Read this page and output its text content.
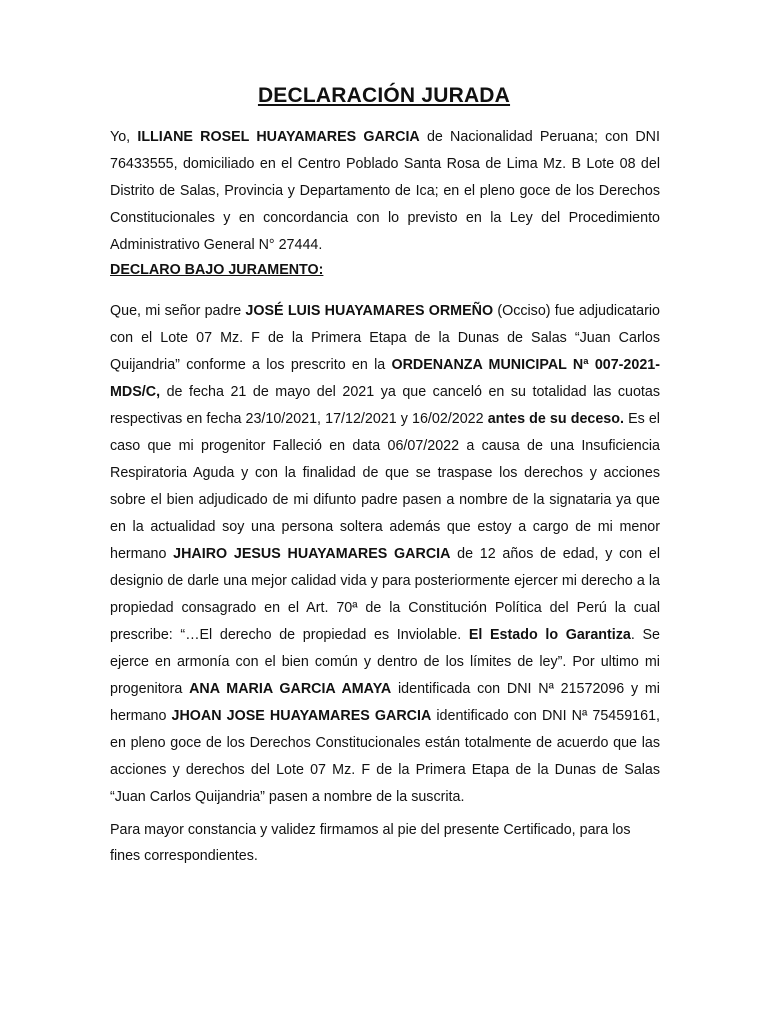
DECLARACIÓN JURADA
Yo, ILLIANE ROSEL HUAYAMARES GARCIA de Nacionalidad Peruana; con DNI 76433555, domiciliado en el Centro Poblado Santa Rosa de Lima Mz. B Lote 08 del Distrito de Salas, Provincia y Departamento de Ica; en el pleno goce de los Derechos Constitucionales y en concordancia con lo previsto en la Ley del Procedimiento Administrativo General N° 27444.
DECLARO BAJO JURAMENTO:
Que, mi señor padre JOSÉ LUIS HUAYAMARES ORMEÑO (Occiso) fue adjudicatario con el Lote 07 Mz. F de la Primera Etapa de la Dunas de Salas “Juan Carlos Quijandria” conforme a los prescrito en la ORDENANZA MUNICIPAL Nª 007-2021-MDS/C, de fecha 21 de mayo del 2021 ya que canceló en su totalidad las cuotas respectivas en fecha 23/10/2021, 17/12/2021 y 16/02/2022 antes de su deceso. Es el caso que mi progenitor Falleció en data 06/07/2022 a causa de una Insuficiencia Respiratoria Aguda y con la finalidad de que se traspase los derechos y acciones sobre el bien adjudicado de mi difunto padre pasen a nombre de la signataria ya que en la actualidad soy una persona soltera además que estoy a cargo de mi menor hermano JHAIRO JESUS HUAYAMARES GARCIA de 12 años de edad, y con el designio de darle una mejor calidad vida y para posteriormente ejercer mi derecho a la propiedad consagrado en el Art. 70ª de la Constitución Política del Perú la cual prescribe: “…El derecho de propiedad es Inviolable. El Estado lo Garantiza. Se ejerce en armonía con el bien común y dentro de los límites de ley”. Por ultimo mi progenitora ANA MARIA GARCIA AMAYA identificada con DNI Nª 21572096 y mi hermano JHOAN JOSE HUAYAMARES GARCIA identificado con DNI Nª 75459161, en pleno goce de los Derechos Constitucionales están totalmente de acuerdo que las acciones y derechos del Lote 07 Mz. F de la Primera Etapa de la Dunas de Salas “Juan Carlos Quijandria” pasen a nombre de la suscrita.
Para mayor constancia y validez firmamos al pie del presente Certificado, para los fines correspondientes.
